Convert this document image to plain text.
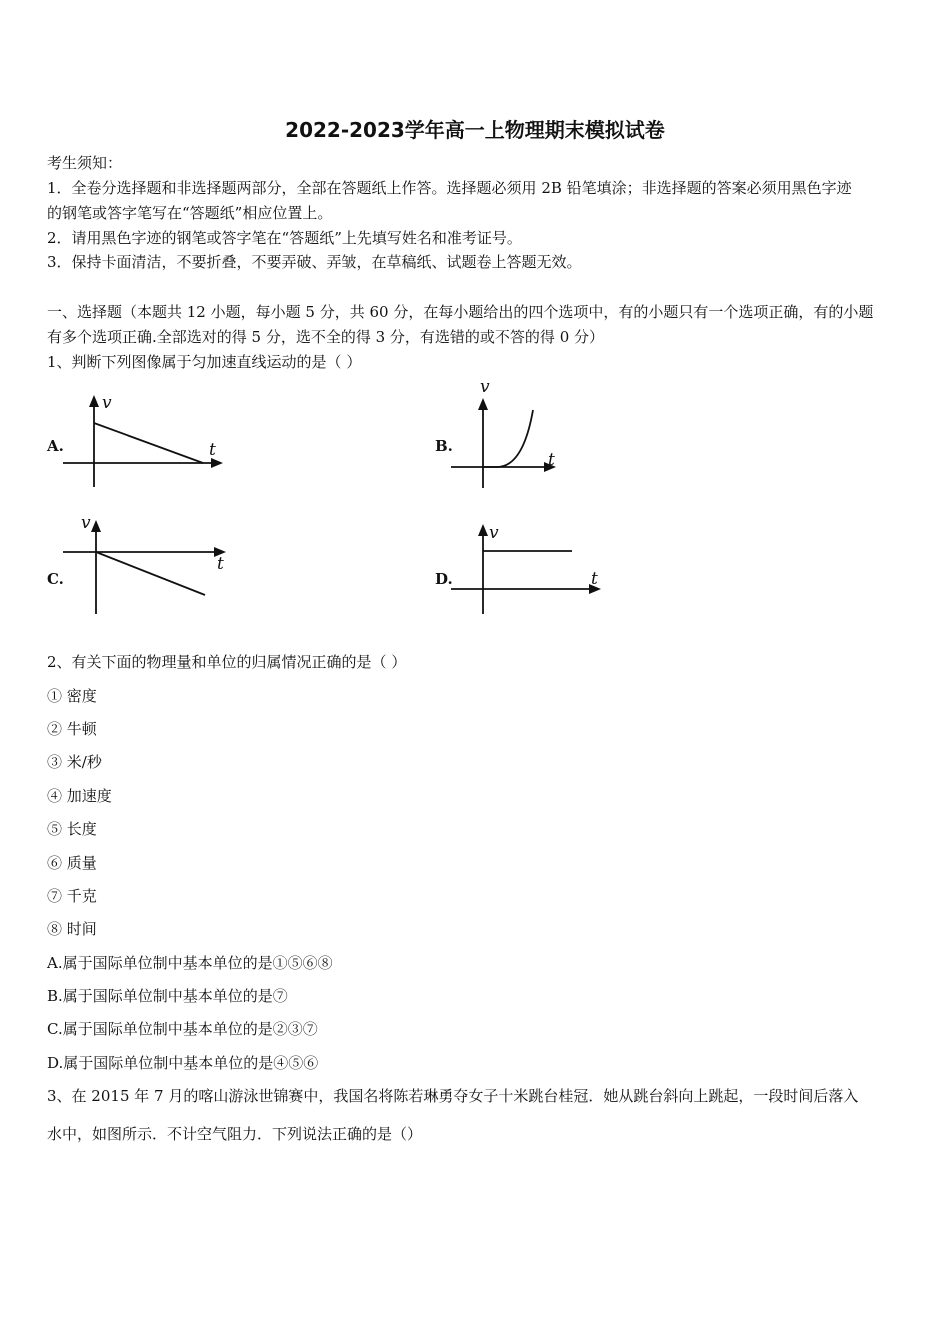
2022-2023学年高一上物理期末模拟试卷
考生须知：
1．全卷分选择题和非选择题两部分，全部在答题纸上作答。选择题必须用 2B 铅笔填涂；非选择题的答案必须用黑色字迹
的钢笔或答字笔写在“答题纸”相应位置上。
2．请用黑色字迹的钢笔或答字笔在“答题纸”上先填写姓名和准考证号。
3．保持卡面清洁，不要折叠，不要弄破、弄皱，在草稿纸、试题卷上答题无效。
一、选择题（本题共 12 小题，每小题 5 分，共 60 分，在每小题给出的四个选项中，有的小题只有一个选项正确，有的小题
有多个选项正确.全部选对的得 5 分，选不全的得 3 分，有选错的或不答的得 0 分）
1、判断下列图像属于匀加速直线运动的是（ ）
A.
v
t	B.
v
t
C.
v
t
D.
v
t
2、有关下面的物理量和单位的归属情况正确的是（ ）
① 密度
② 牛顿
③ 米/秒
④ 加速度
⑤ 长度
⑥ 质量
⑦ 千克
⑧ 时间
A.属于国际单位制中基本单位的是①⑤⑥⑧
B.属于国际单位制中基本单位的是⑦
C.属于国际单位制中基本单位的是②③⑦
D.属于国际单位制中基本单位的是④⑤⑥
3、在 2015 年 7 月的喀山游泳世锦赛中，我国名将陈若琳勇夺女子十米跳台桂冠．她从跳台斜向上跳起，一段时间后落入
水中，如图所示．不计空气阻力．下列说法正确的是（）
